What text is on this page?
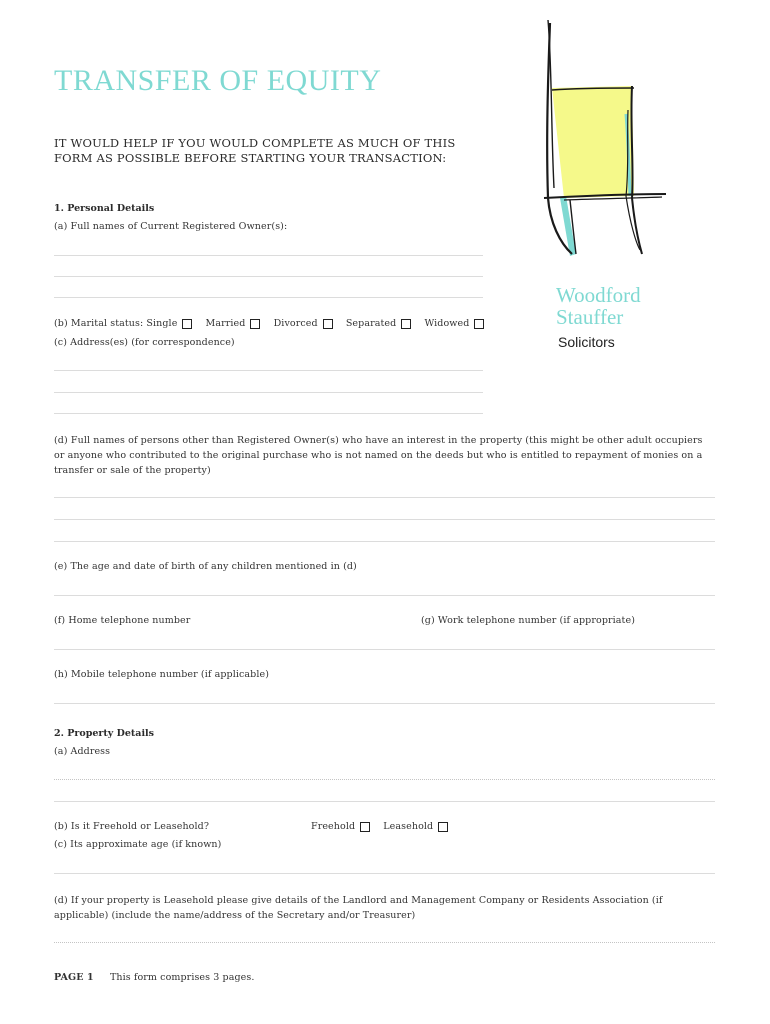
TRANSFER OF EQUITY
IT WOULD HELP IF YOU WOULD COMPLETE AS MUCH OF THIS FORM AS POSSIBLE BEFORE STARTING YOUR TRANSACTION:
Woodford
Stauffer
Solicitors
1. Personal Details
(a) Full names of Current Registered Owner(s):
(b) Marital status: Single
	Married
	Divorced
	Separated
	Widowed
(c) Address(es) (for correspondence)
(d) Full names of persons other than Registered Owner(s) who have an interest in the property (this might be other adult occupiers or anyone who contributed to the original purchase who is not named on the deeds but who is entitled to repayment of monies on a transfer or sale of the property)
(e) The age and date of birth of any children mentioned in (d)
(f) Home telephone number	(g) Work telephone number (if appropriate)
(h) Mobile telephone number (if applicable)
2. Property Details
(a) Address
(b) Is it Freehold or Leasehold?	Freehold
	Leasehold
(c) Its approximate age (if known)
(d) If your property is Leasehold please give details of the Landlord and Management Company or Residents Association (if applicable) (include the name/address of the Secretary and/or Treasurer)
PAGE 1 This form comprises 3 pages.
